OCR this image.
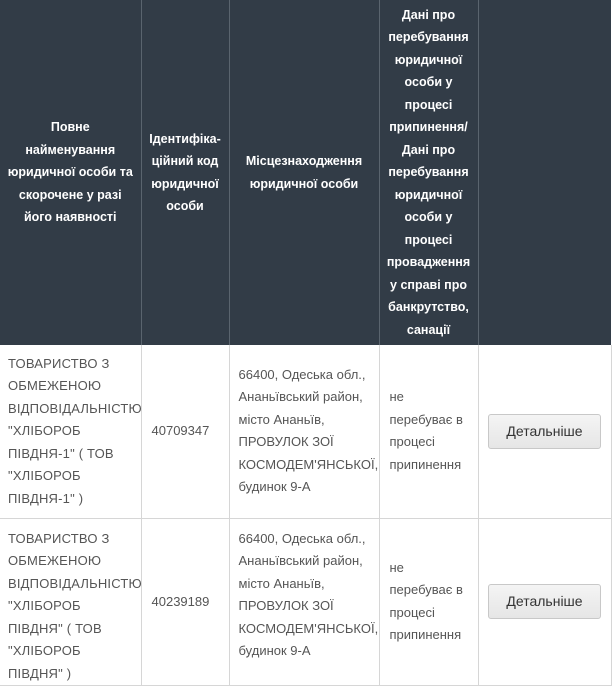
Повне найменування юридичної особи та скорочене у разі його наявності	Ідентифіка-ційний код юридичної особи	Місцезнаходження юридичної особи	Дані про перебування юридичної особи у процесі припинення/ Дані про перебування юридичної особи у процесі провадження у справі про банкрутство, санації	
ТОВАРИСТВО З ОБМЕЖЕНОЮ ВІДПОВІДАЛЬНІСТЮ "ХЛІБОРОБ ПІВДНЯ-1" ( ТОВ "ХЛІБОРОБ ПІВДНЯ-1" )	40709347	66400, Одеська обл., Ананьївський район, місто Ананьїв, ПРОВУЛОК ЗОЇ КОСМОДЕМ'ЯНСЬКОЇ, будинок 9-А	не перебуває в процесі припинення	Детальніше
ТОВАРИСТВО З ОБМЕЖЕНОЮ ВІДПОВІДАЛЬНІСТЮ "ХЛІБОРОБ ПІВДНЯ" ( ТОВ "ХЛІБОРОБ ПІВДНЯ" )	40239189	66400, Одеська обл., Ананьївський район, місто Ананьїв, ПРОВУЛОК ЗОЇ КОСМОДЕМ'ЯНСЬКОЇ, будинок 9-А	не перебуває в процесі припинення	Детальніше
